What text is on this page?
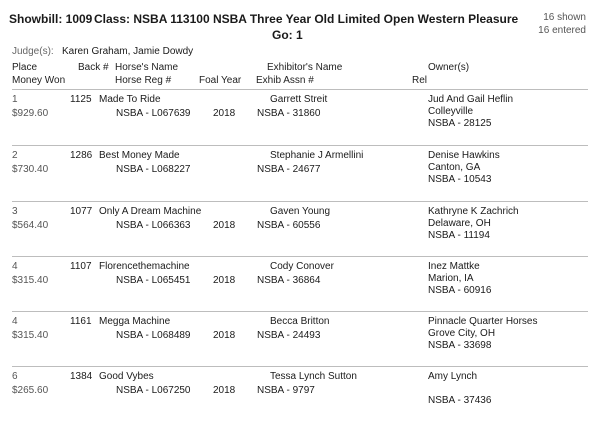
Showbill: 1009 Class: NSBA 113100 NSBA Three Year Old Limited Open Western Pleasure
Go: 1
16 shown
16 entered
Judge(s): Karen Graham, Jamie Dowdy
Place
Money Won
Back # Horse's Name
Horse Reg #	Foal Year
Exhibitor's Name
Exhib Assn #
Owner(s)
Rel
1
$929.60
1125 Made To Ride
NSBA - L067639 2018
Garrett Streit
NSBA - 31860
Jud And Gail Heflin
Colleyville
NSBA - 28125
2
$730.40
1286 Best Money Made
NSBA - L068227
Stephanie J Armellini
NSBA - 24677
Denise Hawkins
Canton, GA
NSBA - 10543
3
$564.40
1077 Only A Dream Machine
NSBA - L066363 2018
Gaven Young
NSBA - 60556
Kathryne K Zachrich
Delaware, OH
NSBA - 11194
4
$315.40
1107 Florencethemachine
NSBA - L065451 2018
Cody Conover
NSBA - 36864
Inez Mattke
Marion, IA
NSBA - 60916
4
$315.40
1161 Megga Machine
NSBA - L068489 2018
Becca Britton
NSBA - 24493
Pinnacle Quarter Horses
Grove City, OH
NSBA - 33698
6
$265.60
1384 Good Vybes
NSBA - L067250 2018
Tessa Lynch Sutton
NSBA - 9797
Amy Lynch
NSBA - 37436
